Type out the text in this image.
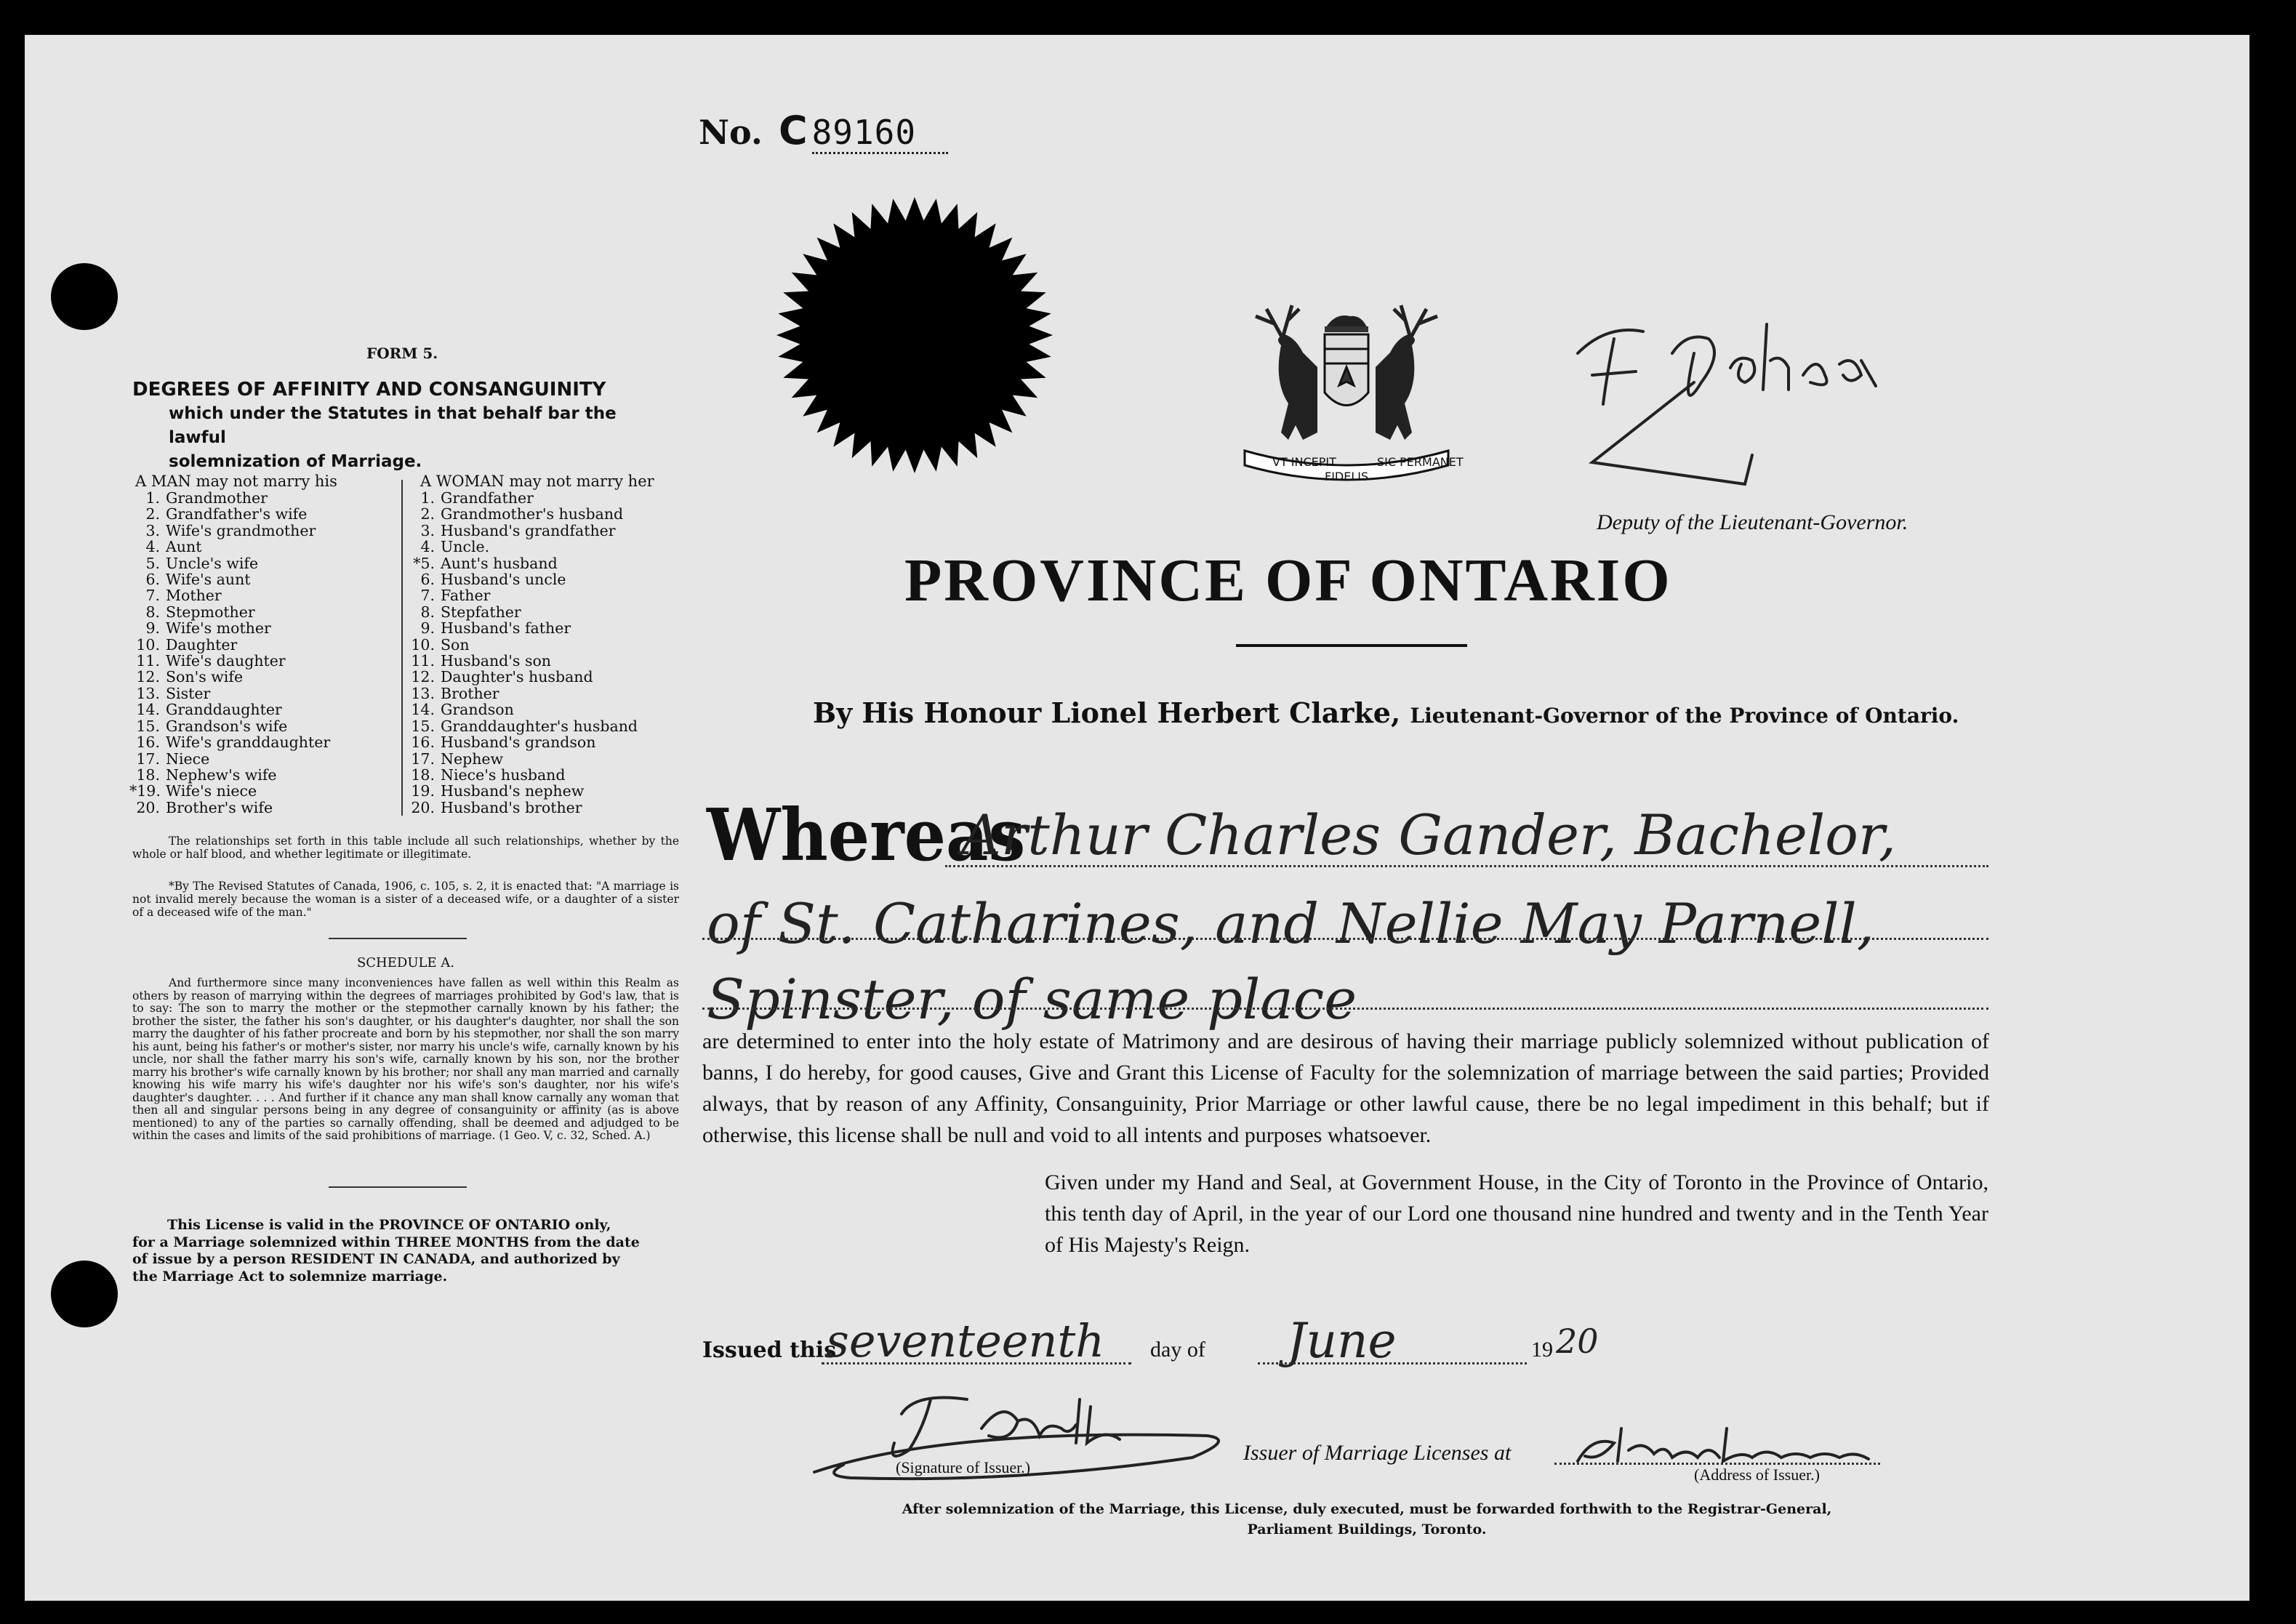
No. C 89160
VT INCEPIT
FIDELIS
SIC PERMANET
Deputy of the Lieutenant-Governor.
PROVINCE OF ONTARIO
By His Honour Lionel Herbert Clarke, Lieutenant-Governor of the Province of Ontario.
Whereas
Arthur Charles Gander, Bachelor,
of St. Catharines, and Nellie May Parnell,
Spinster, of same place
are determined to enter into the holy estate of Matrimony and are desirous of having their marriage publicly solemnized without publication of banns, I do hereby, for good causes, Give and Grant this License of Faculty for the solemnization of marriage between the said parties; Provided always, that by reason of any Affinity, Consanguinity, Prior Marriage or other lawful cause, there be no legal impediment in this behalf; but if otherwise, this license shall be null and void to all intents and purposes whatsoever.
Given under my Hand and Seal, at Government House, in the City of Toronto in the Province of Ontario, this tenth day of April, in the year of our Lord one thousand nine hundred and twenty and in the Tenth Year of His Majesty's Reign.
Issued this
seventeenth day of June	19 20
(Signature of Issuer.)
Issuer of Marriage Licenses at
(Address of Issuer.)
After solemnization of the Marriage, this License, duly executed, must be forwarded forthwith to the Registrar-General,
Parliament Buildings, Toronto.
FORM 5.
DEGREES OF AFFINITY AND CONSANGUINITY
which under the Statutes in that behalf bar the lawful
solemnization of Marriage.
A MAN may not marry his	A WOMAN may not marry her
1. Grandmother
2. Grandfather's wife
3. Wife's grandmother
4. Aunt
5. Uncle's wife
6. Wife's aunt
7. Mother
8. Stepmother
9. Wife's mother
10. Daughter
11. Wife's daughter
12. Son's wife
13. Sister
14. Granddaughter
15. Grandson's wife
16. Wife's granddaughter
17. Niece
18. Nephew's wife
*19. Wife's niece
20. Brother's wife
1. Grandfather
2. Grandmother's husband
3. Husband's grandfather
4. Uncle.
*5. Aunt's husband
6. Husband's uncle
7. Father
8. Stepfather
9. Husband's father
10. Son
11. Husband's son
12. Daughter's husband
13. Brother
14. Grandson
15. Granddaughter's husband
16. Husband's grandson
17. Nephew
18. Niece's husband
19. Husband's nephew
20. Husband's brother
The relationships set forth in this table include all such relationships, whether by the whole or half blood, and whether legitimate or illegitimate.
*By The Revised Statutes of Canada, 1906, c. 105, s. 2, it is enacted that: "A marriage is not invalid merely because the woman is a sister of a deceased wife, or a daughter of a sister of a deceased wife of the man."
SCHEDULE A.
And furthermore since many inconveniences have fallen as well within this Realm as others by reason of marrying within the degrees of marriages prohibited by God's law, that is to say: The son to marry the mother or the stepmother carnally known by his father; the brother the sister, the father his son's daughter, or his daughter's daughter, nor shall the son marry the daughter of his father procreate and born by his stepmother, nor shall the son marry his aunt, being his father's or mother's sister, nor marry his uncle's wife, carnally known by his uncle, nor shall the father marry his son's wife, carnally known by his son, nor the brother marry his brother's wife carnally known by his brother; nor shall any man married and carnally knowing his wife marry his wife's daughter nor his wife's son's daughter, nor his wife's daughter's daughter. . . . And further if it chance any man shall know carnally any woman that then all and singular persons being in any degree of consanguinity or affinity (as is above mentioned) to any of the parties so carnally offending, shall be deemed and adjudged to be within the cases and limits of the said prohibitions of marriage. (1 Geo. V, c. 32, Sched. A.)
This License is valid in the PROVINCE OF ONTARIO only,
for a Marriage solemnized within THREE MONTHS from the date
of issue by a person RESIDENT IN CANADA, and authorized by
the Marriage Act to solemnize marriage.
